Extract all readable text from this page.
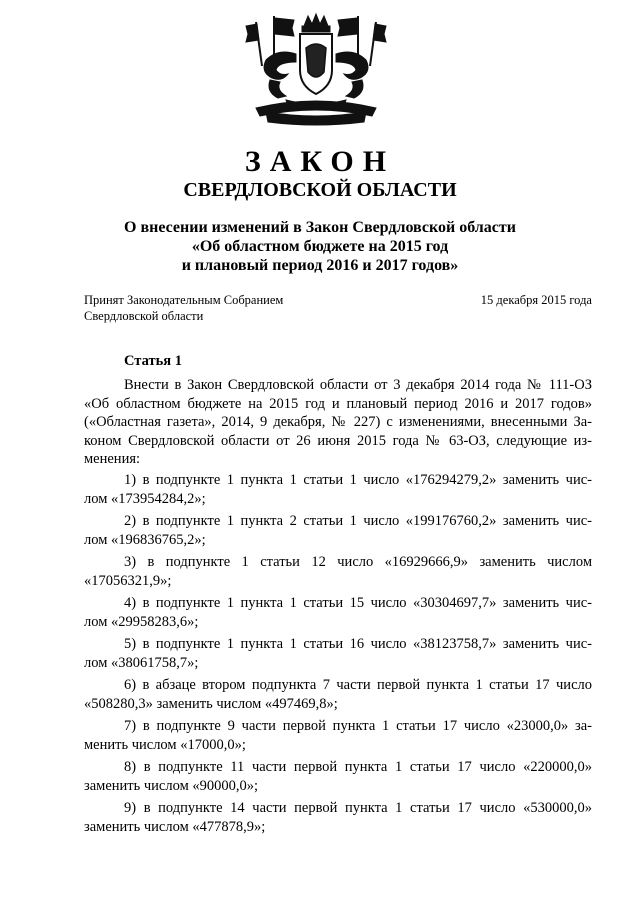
ЗАКОН
СВЕРДЛОВСКОЙ ОБЛАСТИ
О внесении изменений в Закон Свердловской области
«Об областном бюджете на 2015 год
и плановый период 2016 и 2017 годов»
Принят Законодательным Собранием
Свердловской области
15 декабря 2015 года
Статья 1
Внести в Закон Свердловской области от 3 декабря 2014 года № 111-ОЗ
«Об областном бюджете на 2015 год и плановый период 2016 и 2017 годов»
(«Областная газета», 2014, 9 декабря, № 227) с изменениями, внесенными За-
коном Свердловской области от 26 июня 2015 года № 63-ОЗ, следующие из-
менения:
1) в подпункте 1 пункта 1 статьи 1 число «176294279,2» заменить чис-
лом «173954284,2»;
2) в подпункте 1 пункта 2 статьи 1 число «199176760,2» заменить чис-
лом «196836765,2»;
3) в подпункте 1 статьи 12 число «16929666,9» заменить числом
«17056321,9»;
4) в подпункте 1 пункта 1 статьи 15 число «30304697,7» заменить чис-
лом «29958283,6»;
5) в подпункте 1 пункта 1 статьи 16 число «38123758,7» заменить чис-
лом «38061758,7»;
6) в абзаце втором подпункта 7 части первой пункта 1 статьи 17 число
«508280,3» заменить числом «497469,8»;
7) в подпункте 9 части первой пункта 1 статьи 17 число «23000,0» за-
менить числом «17000,0»;
8) в подпункте 11 части первой пункта 1 статьи 17 число «220000,0»
заменить числом «90000,0»;
9) в подпункте 14 части первой пункта 1 статьи 17 число «530000,0»
заменить числом «477878,9»;
